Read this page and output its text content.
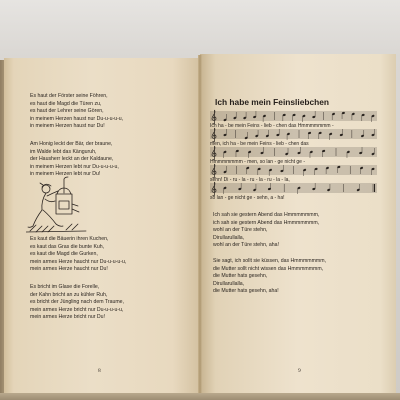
Es haut der Förster seine Föhren,
es haut die Magd die Türen zu,
es haut der Lehrer seine Gören,
in meinem Herzen haust nur Du-u-u-u-u,
in meinem Herzen haust nur Du!
Am Honig leckt der Bär, der braune,
im Walde lebt das Känguruh,
der Hausherr leckt an der Kaldaune,
in meinem Herzen lebt nur Du-u-u-u-u,
in meinem Herzen lebt nur Du!
Es kaut die Bäuerin ihren Kuchen,
es kaut das Gras die bunte Kuh,
es kaut die Magd die Gurken,
mein armes Herze haucht nur Du-u-u-u-u,
mein armes Herze haucht nur Du!
Es bricht im Glase die Forelle,
der Kahn bricht an zu kühler Ruh,
es bricht der Jüngling nach dem Traume,
mein armes Herze bricht nur Du-u-u-u-u,
mein armes Herze bricht nur Du!
8
Ich habe mein Feinsliebchen
Ich ha - be mein Feins - lieb - chen das Hmmmmmmm -
men, ich ha - be mein Feins - lieb - chen das
Hmmmmmmm - men, so lan - ge nicht ge -
sehn! Di - ru - la - ru - la - ru - la - la,
so lan - ge nicht ge - sehn, a - ha!
Ich sah sie gestern Abend das Hmmmmmmm,
ich sah sie gestern Abend das Hmmmmmmm,
wohl an der Türe stehn,
Dirullarullalla,
wohl an der Türe stehn, aha!
Sie sagt, ich sollt sie küssen, das Hmmmmmmm,
die Mutter sollt nicht wissen das Hmmmmmmm,
die Mutter hats gesehn,
Dirullarullalla,
die Mutter hats gesehn, aha!
9
